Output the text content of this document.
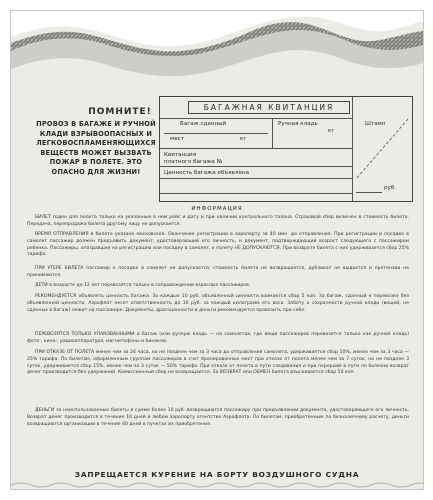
ПОМНИТЕ!
ПРОВОЗ В БАГАЖЕ И РУЧНОЙ
КЛАДИ ВЗРЫВООПАСНЫХ И
ЛЕГКОВОСПЛАМЕНЯЮЩИХСЯ
ВЕЩЕСТВ МОЖЕТ ВЫЗВАТЬ
ПОЖАР В ПОЛЕТЕ. ЭТО
ОПАСНО ДЛЯ ЖИЗНИ!
БАГАЖНАЯ КВИТАНЦИЯ
Багаж сданный
мест	кг
Ручная кладь
кг
Штамп
Квитанция
платного багажа №
Ценность багажа объявлена
руб.
ИНФОРМАЦИЯ
БИЛЕТ годен для полета только на указанные в нем рейс и дату и при наличии контрольного талона. Страховой сбор включен в стоимость билета. Передача, перепродажа билета другому лицу не допускается.
ВРЕМЯ ОТПРАВЛЕНИЯ в билете указано московское. Окончание регистрации в аэропорту за 40 мин. до отправления. При регистрации и посадке в самолет пассажир должен предъявить документ, удостоверяющий его личность, и документ, подтверждающий возраст следующего с пассажиром ребенка. Пассажиры, опоздавшие на регистрацию или посадку в самолет, к полету НЕ ДОПУСКАЮТСЯ. При возврате билета с них удерживается сбор 25% тарифа.
ПРИ УТЕРЕ БИЛЕТА пассажир к посадке в самолет не допускается, стоимость билета не возвращается, дубликат не выдается и претензии не принимаются.
ДЕТИ в возрасте до 12 лет перевозятся только в сопровождении взрослых пассажиров.
РЕКОМЕНДУЕТСЯ объявлять ценность багажа. За каждые 10 руб. объявленной ценности взимается сбор 5 коп. За багаж, сданный к перевозке без объявленной ценности, Аэрофлот несет ответственность до 10 руб. за каждый килограмм его веса. Заботу о сохранности ручной клади (вещей, не сданных в багаж) лежит на пассажире. Документы, драгоценности и деньги рекомендуется провозить при себе.
ПЕРЕВОЗЯТСЯ ТОЛЬКО УПАКОВАННЫМИ в багаж (или ручную кладь — на самолетах, где вещи пассажиров перевозятся только как ручная кладь) фото-, кино-, радиоаппаратура, магнитофоны и бинокли.
ПРИ ОТКАЗЕ ОТ ПОЛЕТА менее чем за 24 часа, но не позднее чем за 3 часа до отправления самолета, удерживается сбор 10%, менее чем за 3 часа — 25% тарифа. По билетам, оформленным группам пассажиров в счет бронированных мест при отказе от полета менее чем за 7 суток, но не позднее 3 суток, удерживается сбор 15%, менее чем за 3 суток — 50% тарифа. При отказе от полета в пути следования и при перерыве в пути по болезни возврат денег производится без удержаний. Комиссионный сбор не возвращается. За ВОЗВРАТ или ОБМЕН билета взыскивается сбор 50 коп.
ДЕНЬГИ за неиспользованные билеты в сумме более 10 руб. возвращаются пассажиру при предъявлении документа, удостоверяющего его личность. Возврат денег производится в течение 10 дней в любом аэропорту агентстве Аэрофлота. По билетам, приобретенным по безналичному расчету, деньги возвращаются организации в течение 60 дней в пунктах их приобретения.
ЗАПРЕЩАЕТСЯ КУРЕНИЕ НА БОРТУ ВОЗДУШНОГО СУДНА
